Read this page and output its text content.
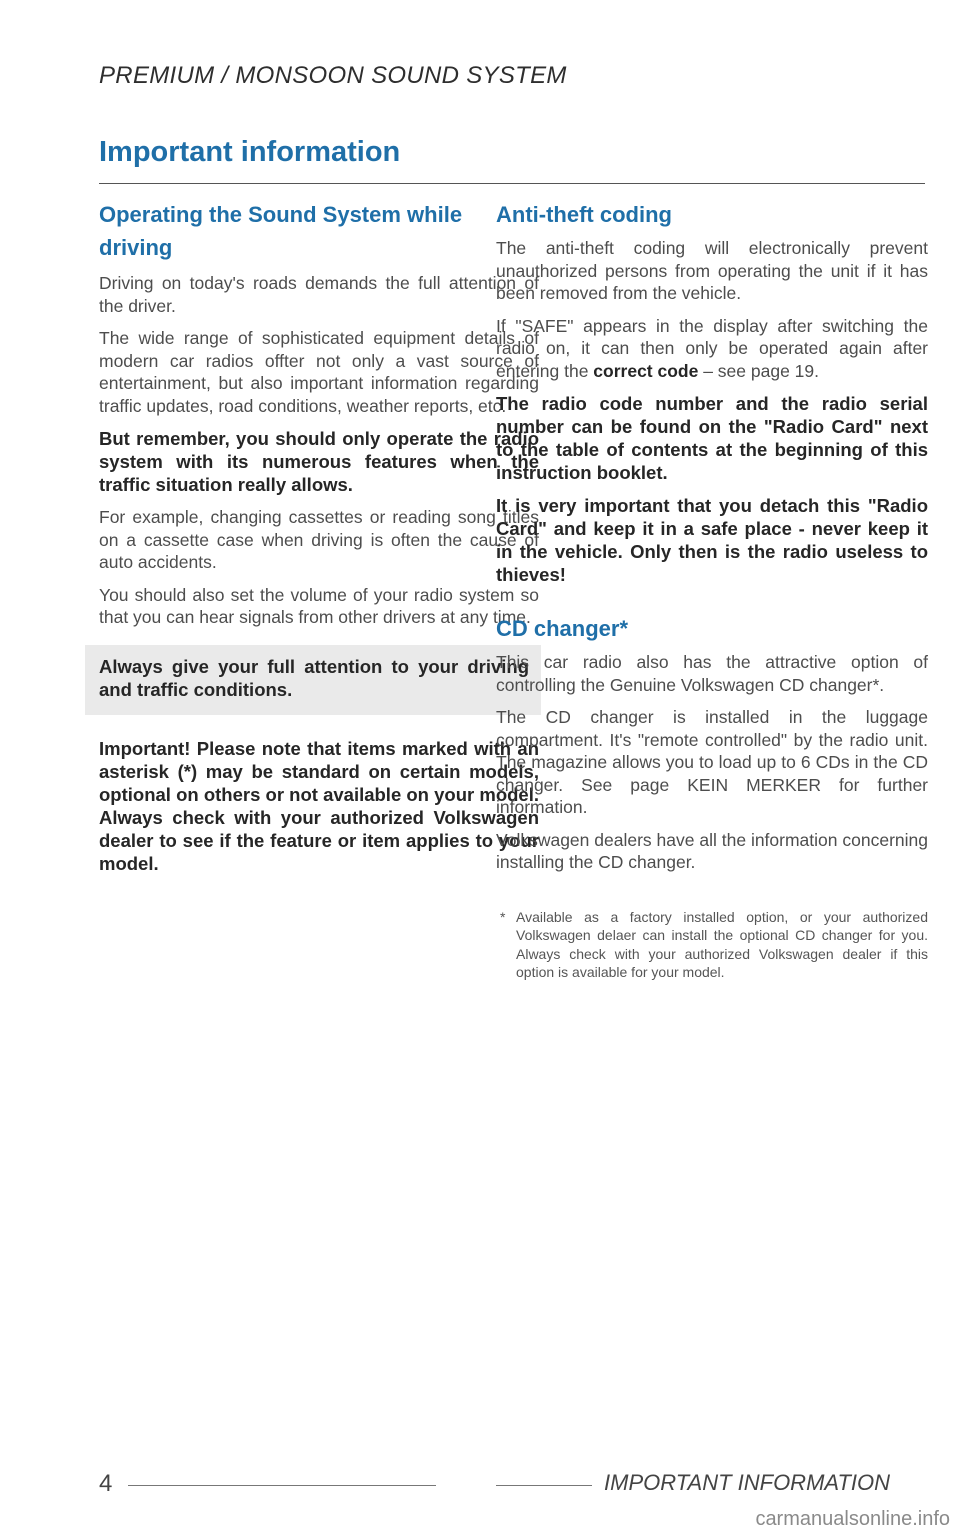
PREMIUM / MONSOON SOUND SYSTEM
Important information
Operating the Sound System while driving

Driving on today's roads demands the full attention of the driver.

The wide range of sophisticated equipment details of modern car radios offter not only a vast source of entertainment, but also important information regarding traffic updates, road conditions, weather reports, etc.

But remember, you should only operate the radio system with its numerous features when the traffic situation really allows.

For example, changing cassettes or reading song titles on a cassette case when driving is often the cause of auto accidents.

You should also set the volume of your radio system so that you can hear signals from other drivers at any time.

Always give your full attention to your driving and traffic conditions.

Important! Please note that items marked with an asterisk (*) may be standard on certain models, optional on others or not available on your model. Always check with your authorized Volkswagen dealer to see if the feature or item applies to your model.

Anti-theft coding

The anti-theft coding will electronically prevent unauthorized persons from operating the unit if it has been removed from the vehicle.

If "SAFE" appears in the display after switching the radio on, it can then only be operated again after entering the correct code – see page 19.

The radio code number and the radio serial number can be found on the "Radio Card" next to the table of contents at the beginning of this instruction booklet.

It is very important that you detach this "Radio Card" and keep it in a safe place - never keep it in the vehicle. Only then is the radio useless to thieves!

CD changer*

This car radio also has the attractive option of controlling the Genuine Volkswagen CD changer*.

The CD changer is installed in the luggage compartment. It's "remote controlled" by the radio unit. The magazine allows you to load up to 6 CDs in the CD changer. See page KEIN MERKER for further information.

Volkswagen dealers have all the information concerning installing the CD changer.

* Available as a factory installed option, or your authorized Volkswagen delaer can install the optional CD changer for you. Always check with your authorized Volkswagen dealer if this option is available for your model.
4	IMPORTANT INFORMATION
carmanualsonline.info
